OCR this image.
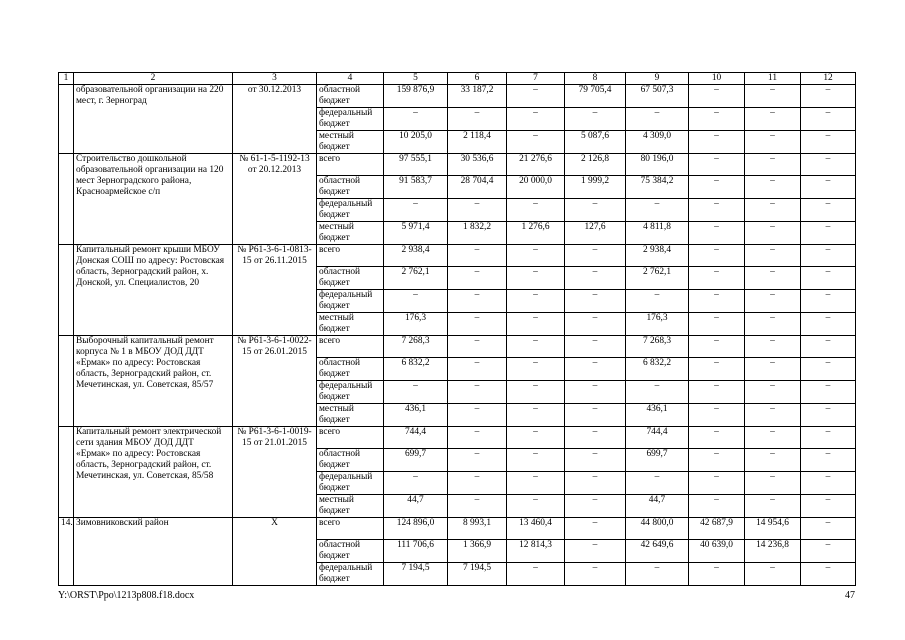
1	2	3	4	5	6	7	8	9	10	11	12
	образовательной организации на 220 мест, г. Зерноград	от 30.12.2013	областной бюджет	159 876,9	33 187,2	–	79 705,4	67 507,3	–	–	–
			федеральный бюджет	–	–	–	–	–	–	–	–
			местный бюджет	10 205,0	2 118,4	–	5 087,6	4 309,0	–	–	–
	Строительство дошкольной образовательной организации на 120 мест Зерноградского района, Красноармейское с/п	№ 61-1-5-1192-13 от 20.12.2013	всего	97 555,1	30 536,6	21 276,6	2 126,8	80 196,0	–	–	–
			областной бюджет	91 583,7	28 704,4	20 000,0	1 999,2	75 384,2	–	–	–
			федеральный бюджет	–	–	–	–	–	–	–	–
			местный бюджет	5 971,4	1 832,2	1 276,6	127,6	4 811,8	–	–	–
	Капитальный ремонт крыши МБОУ Донская СОШ по адресу: Ростовская область, Зерноградский район, х. Донской, ул. Специалистов, 20	№ Р61-3-6-1-0813-15 от 26.11.2015	всего	2 938,4	–	–	–	2 938,4	–	–	–
			областной бюджет	2 762,1	–	–	–	2 762,1	–	–	–
			федеральный бюджет	–	–	–	–	–	–	–	–
			местный бюджет	176,3	–	–	–	176,3	–	–	–
	Выборочный капитальный ремонт корпуса № 1 в МБОУ ДОД ДДТ «Ермак» по адресу: Ростовская область, Зерноградский район, ст. Мечетинская, ул. Советская, 85/57	№ Р61-3-6-1-0022-15 от 26.01.2015	всего	7 268,3	–	–	–	7 268,3	–	–	–
			областной бюджет	6 832,2	–	–	–	6 832,2	–	–	–
			федеральный бюджет	–	–	–	–	–	–	–	–
			местный бюджет	436,1	–	–	–	436,1	–	–	–
	Капитальный ремонт электрической сети здания МБОУ ДОД ДДТ «Ермак» по адресу: Ростовская область, Зерноградский район, ст. Мечетинская, ул. Советская, 85/58	№ Р61-3-6-1-0019-15 от 21.01.2015	всего	744,4	–	–	–	744,4	–	–	–
			областной бюджет	699,7	–	–	–	699,7	–	–	–
			федеральный бюджет	–	–	–	–	–	–	–	–
			местный бюджет	44,7	–	–	–	44,7	–	–	–
14.	Зимовниковский район	Х	всего	124 896,0	8 993,1	13 460,4	–	44 800,0	42 687,9	14 954,6	–
			областной бюджет	111 706,6	1 366,9	12 814,3	–	42 649,6	40 639,0	14 236,8	–
			федеральный бюджет	7 194,5	7 194,5	–	–	–	–	–	–
Y:\ORST\Ppo\1213p808.f18.docx	47
